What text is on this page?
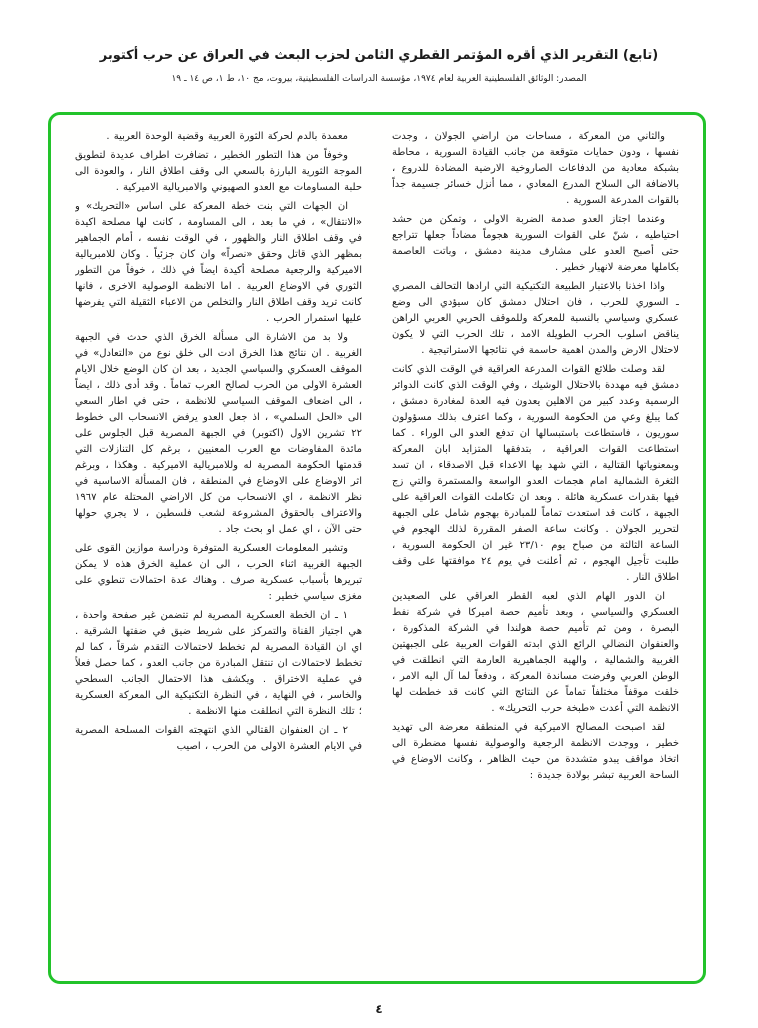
(تابع) التقرير الذي أقره المؤتمر القطري الثامن لحزب البعث في العراق عن حرب أكتوبر
المصدر: الوثائق الفلسطينية العربية لعام ١٩٧٤، مؤسسة الدراسات الفلسطينية، بيروت، مج ١٠، ط ١، ص ١٤ ـ ١٩

والثاني من المعركة ، مساحات من اراضي الجولان ، وجدت نفسها ، ودون حمايات متوقعة من جانب القيادة السورية ، محاطة بشبكة معادية من الدفاعات الصاروخية الارضية المضادة للدروع ، بالاضافة الى السلاح المدرع المعادي ، مما أنزل خسائر جسيمة جداً بالقوات المدرعة السورية .

وعندما اجتاز العدو صدمة الضربة الاولى ، وتمكن من حشد احتياطيه ، شنّ على القوات السورية هجوماً مضاداً جعلها تتراجع حتى أصبح العدو على مشارف مدينة دمشق ، وباتت العاصمة بكاملها معرضة لانهيار خطير .

واذا اخذنا بالاعتبار الطبيعة التكتيكية التي ارادها التحالف المصري ـ السوري للحرب ، فان احتلال دمشق كان سيؤدي الى وضع عسكري وسياسي بالنسبة للمعركة وللموقف الحربي العربي الراهن يناقض اسلوب الحرب الطويلة الامد ، تلك الحرب التي لا يكون لاحتلال الارض والمدن اهمية حاسمة في نتائجها الاستراتيجية .

لقد وصلت طلائع القوات المدرعة العراقية في الوقت الذي كانت دمشق فيه مهددة بالاحتلال الوشيك ، وفي الوقت الذي كانت الدوائر الرسمية وعدد كبير من الاهلين يعدون فيه العدة لمغادرة دمشق ، كما يبلغ وعي من الحكومة السورية ، وكما اعترف بذلك مسؤولون سوريون ، فاستطاعت باستبسالها ان تدفع العدو الى الوراء . كما استطاعت القوات العراقية ، بتدفقها المتزايد ابان المعركة وبمعنوياتها القتالية ، التي شهد بها الاعداء قبل الاصدقاء ، ان تسد الثغرة الشمالية امام هجمات العدو الواسعة والمستمرة والتي زج فيها بقدرات عسكرية هائلة . وبعد ان تكاملت القوات العراقية على الجبهة ، كانت قد استعدت تماماً للمبادرة بهجوم شامل على الجبهة لتحرير الجولان . وكانت ساعة الصفر المقررة لذلك الهجوم في الساعة الثالثة من صباح يوم ٢٣/١٠ غير ان الحكومة السورية ، طلبت تأجيل الهجوم ، ثم أعلنت في يوم ٢٤ موافقتها على وقف اطلاق النار .

ان الدور الهام الذي لعبه القطر العراقي على الصعيدين العسكري والسياسي ، وبعد تأميم حصة اميركا في شركة نفط البصرة ، ومن ثم تأميم حصة هولندا في الشركة المذكورة ، والعنفوان النضالي الرائع الذي ابدته القوات العربية على الجبهتين الغربية والشمالية ، والهبة الجماهيرية العارمة التي انطلقت في الوطن العربي وفرضت مساندة المعركة ، ودفعاً لما آل اليه الامر ، خلقت موقفاً مختلفاً تماماً عن النتائج التي كانت قد خططت لها الانظمة التي أعدت «طبخة حرب التحريك» .

لقد اصبحت المصالح الاميركية في المنطقة معرضة الى تهديد خطير ، ووجدت الانظمة الرجعية والوصولية نفسها مضطرة الى اتخاذ مواقف يبدو متشددة من حيث الظاهر ، وكانت الاوضاع في الساحة العربية تبشر بولادة جديدة :

معمدة بالدم لحركة الثورة العربية وقضية الوحدة العربية .

وخوفاً من هذا التطور الخطير ، تضافرت اطراف عديدة لتطويق الموجة الثورية البارزة بالسعي الى وقف اطلاق النار ، والعودة الى حلبة المساومات مع العدو الصهيوني والامبريالية الاميركية .

ان الجهات التي بنت خطة المعركة على اساس «التحريك» و «الانتقال» ، في ما بعد ، الى المساومة ، كانت لها مصلحة اكيدة في وقف اطلاق النار والظهور ، في الوقت نفسه ، أمام الجماهير بمظهر الذي قاتل وحقق «نصراً» وان كان جزئياً . وكان للامبريالية الاميركية والرجعية مصلحة أكيدة ايضاً في ذلك ، خوفاً من التطور الثوري في الاوضاع العربية . اما الانظمة الوصولية الاخرى ، فانها كانت تريد وقف اطلاق النار والتخلص من الاعباء الثقيلة التي يفرضها عليها استمرار الحرب .

ولا بد من الاشارة الى مسألة الخرق الذي حدث في الجبهة الغربية . ان نتائج هذا الخرق ادت الى خلق نوع من «التعادل» في الموقف العسكري والسياسي الجديد ، بعد ان كان الوضع خلال الايام العشرة الاولى من الحرب لصالح العرب تماماً . وقد أدى ذلك ، ايضاً ، الى اضعاف الموقف السياسي للانظمة ، حتى في اطار السعي الى «الحل السلمي» ، اذ جعل العدو يرفض الانسحاب الى خطوط ٢٢ تشرين الاول (اكتوبر) في الجبهة المصرية قبل الجلوس على مائدة المفاوضات مع العرب المعنيين ، برغم كل التنازلات التي قدمتها الحكومة المصرية له وللامبريالية الاميركية . وهكذا ، وبرغم اثر الاوضاع على الاوضاع في المنطقة ، فان المسألة الاساسية في نظر الانظمة ، اي الانسحاب من كل الاراضي المحتلة عام ١٩٦٧ والاعتراف بالحقوق المشروعة لشعب فلسطين ، لا يجري حولها حتى الآن ، اي عمل او بحث جاد .

وتشير المعلومات العسكرية المتوفرة ودراسة موازين القوى على الجبهة الغربية اثناء الحرب ، الى ان عملية الخرق هذه لا يمكن تبريرها بأسباب عسكرية صرف . وهناك عدة احتمالات تنطوي على مغزى سياسي خطير :

١ ـ ان الخطة العسكرية المصرية لم تتضمن غير صفحة واحدة ، هي اجتياز القناة والتمركز على شريط ضيق في ضفتها الشرقية . اي ان القيادة المصرية لم تخطط لاحتمالات التقدم شرقاً ، كما لم تخطط لاحتمالات ان تنتقل المبادرة من جانب العدو ، كما حصل فعلاً في عملية الاختراق . ويكشف هذا الاحتمال الجانب السطحي والخاسر ، في النهاية ، في النظرة التكتيكية الى المعركة العسكرية ؛ تلك النظرة التي انطلقت منها الانظمة .

٢ ـ ان العنفوان القتالي الذي انتهجته القوات المسلحة المصرية في الايام العشرة الاولى من الحرب ، اصيب

٤
